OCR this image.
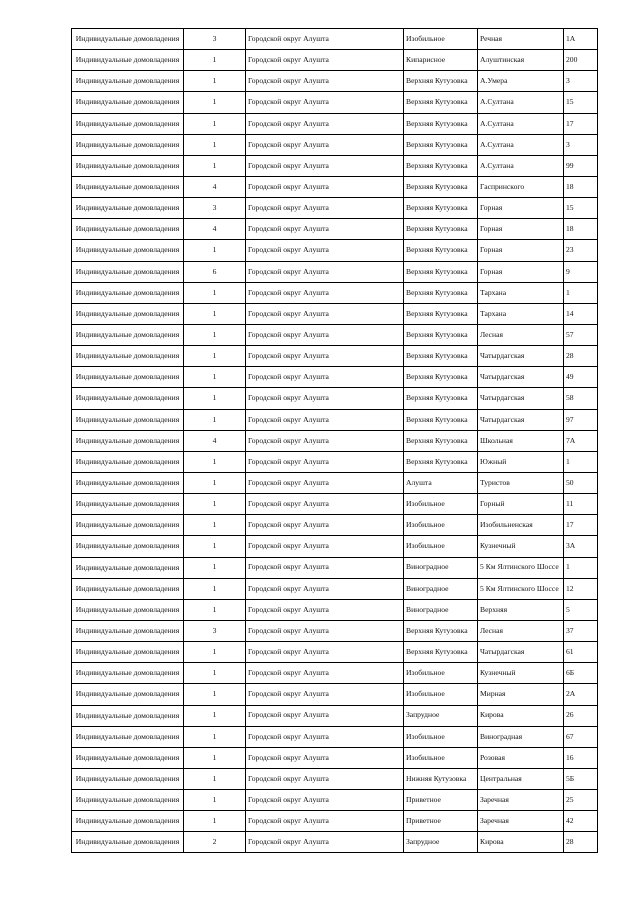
Индивидуальные домовладения	3	Городской округ Алушта	Изобильное	Речная	1А
Индивидуальные домовладения	1	Городской округ Алушта	Кипарисное	Алуштинская	200
Индивидуальные домовладения	1	Городской округ Алушта	Верхняя Кутузовка	А.Умера	3
Индивидуальные домовладения	1	Городской округ Алушта	Верхняя Кутузовка	А.Султана	15
Индивидуальные домовладения	1	Городской округ Алушта	Верхняя Кутузовка	А.Султана	17
Индивидуальные домовладения	1	Городской округ Алушта	Верхняя Кутузовка	А.Султана	3
Индивидуальные домовладения	1	Городской округ Алушта	Верхняя Кутузовка	А.Султана	99
Индивидуальные домовладения	4	Городской округ Алушта	Верхняя Кутузовка	Гаспринского	18
Индивидуальные домовладения	3	Городской округ Алушта	Верхняя Кутузовка	Горная	15
Индивидуальные домовладения	4	Городской округ Алушта	Верхняя Кутузовка	Горная	18
Индивидуальные домовладения	1	Городской округ Алушта	Верхняя Кутузовка	Горная	23
Индивидуальные домовладения	6	Городской округ Алушта	Верхняя Кутузовка	Горная	9
Индивидуальные домовладения	1	Городской округ Алушта	Верхняя Кутузовка	Тархана	1
Индивидуальные домовладения	1	Городской округ Алушта	Верхняя Кутузовка	Тархана	14
Индивидуальные домовладения	1	Городской округ Алушта	Верхняя Кутузовка	Лесная	57
Индивидуальные домовладения	1	Городской округ Алушта	Верхняя Кутузовка	Чатырдагская	28
Индивидуальные домовладения	1	Городской округ Алушта	Верхняя Кутузовка	Чатырдагская	49
Индивидуальные домовладения	1	Городской округ Алушта	Верхняя Кутузовка	Чатырдагская	58
Индивидуальные домовладения	1	Городской округ Алушта	Верхняя Кутузовка	Чатырдагская	97
Индивидуальные домовладения	4	Городской округ Алушта	Верхняя Кутузовка	Школьная	7А
Индивидуальные домовладения	1	Городской округ Алушта	Верхняя Кутузовка	Южный	1
Индивидуальные домовладения	1	Городской округ Алушта	Алушта	Туристов	50
Индивидуальные домовладения	1	Городской округ Алушта	Изобильное	Горный	11
Индивидуальные домовладения	1	Городской округ Алушта	Изобильное	Изобильненская	17
Индивидуальные домовладения	1	Городской округ Алушта	Изобильное	Кузнечный	3А
Индивидуальные домовладения	1	Городской округ Алушта	Виноградное	5 Км Ялтинского Шоссе	1
Индивидуальные домовладения	1	Городской округ Алушта	Виноградное	5 Км Ялтинского Шоссе	12
Индивидуальные домовладения	1	Городской округ Алушта	Виноградное	Верхняя	5
Индивидуальные домовладения	3	Городской округ Алушта	Верхняя Кутузовка	Лесная	37
Индивидуальные домовладения	1	Городской округ Алушта	Верхняя Кутузовка	Чатырдагская	61
Индивидуальные домовладения	1	Городской округ Алушта	Изобильное	Кузнечный	6Б
Индивидуальные домовладения	1	Городской округ Алушта	Изобильное	Мирная	2А
Индивидуальные домовладения	1	Городской округ Алушта	Запрудное	Кирова	26
Индивидуальные домовладения	1	Городской округ Алушта	Изобильное	Виноградная	67
Индивидуальные домовладения	1	Городской округ Алушта	Изобильное	Розовая	16
Индивидуальные домовладения	1	Городской округ Алушта	Нижняя Кутузовка	Центральная	5Б
Индивидуальные домовладения	1	Городской округ Алушта	Приветное	Заречная	25
Индивидуальные домовладения	1	Городской округ Алушта	Приветное	Заречная	42
Индивидуальные домовладения	2	Городской округ Алушта	Запрудное	Кирова	28
